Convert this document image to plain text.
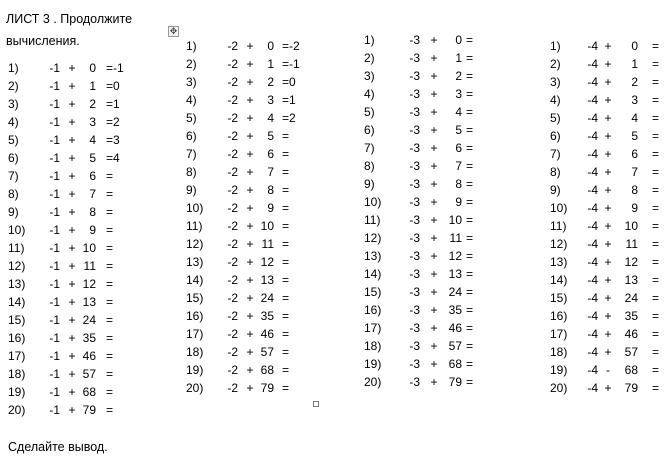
ЛИСТ 3 . Продолжите вычисления.
✥
1)	-1 +	0 =-1
2)	-1 +	1 =0
3)	-1 +	2 =1
4)	-1 +	3 =2
5)	-1 +	4 =3
6)	-1 +	5 =4
7)	-1 +	6 =
8)	-1 +	7 =
9)	-1 +	8 =
10)	-1 +	9 =
11)	-1 + 10 =
12)	-1 + 11 =
13)	-1 + 12 =
14)	-1 + 13 =
15)	-1 + 24 =
16)	-1 + 35 =
17)	-1 + 46 =
18)	-1 + 57 =
19)	-1 + 68 =
20)	-1 + 79 =
1)	-2 +	0 =-2
2)	-2 +	1 =-1
3)	-2 +	2 =0
4)	-2 +	3 =1
5)	-2 +	4 =2
6)	-2 +	5 =
7)	-2 +	6 =
8)	-2 +	7 =
9)	-2 +	8 =
10)	-2 +	9 =
11)	-2 + 10 =
12)	-2 + 11 =
13)	-2 + 12 =
14)	-2 + 13 =
15)	-2 + 24 =
16)	-2 + 35 =
17)	-2 + 46 =
18)	-2 + 57 =
19)	-2 + 68 =
20)	-2 + 79 =
1)	-3 +	0 =
2)	-3 +	1 =
3)	-3 +	2 =
4)	-3 +	3 =
5)	-3 +	4 =
6)	-3 +	5 =
7)	-3 +	6 =
8)	-3 +	7 =
9)	-3 +	8 =
10)	-3 +	9 =
11)	-3 + 10 =
12)	-3 +	11 =
13)	-3 + 12 =
14)	-3 + 13 =
15)	-3 + 24 =
16)	-3 + 35 =
17)	-3 + 46 =
18)	-3 + 57 =
19)	-3 + 68 =
20)	-3 + 79 =
1)	-4 +	0 =
2)	-4 +	1 =
3)	-4 +	2 =
4)	-4 +	3 =
5)	-4 +	4 =
6)	-4 +	5 =
7)	-4 +	6 =
8)	-4 +	7 =
9)	-4 +	8 =
10)	-4 +	9 =
11)	-4 +	10 =
12)	-4 +	11 =
13)	-4 +	12 =
14)	-4 +	13 =
15)	-4 +	24 =
16)	-4 +	35 =
17)	-4 +	46 =
18)	-4 +	57 =
19)	-4 -	68 =
20)	-4 +	79 =
Сделайте вывод.
